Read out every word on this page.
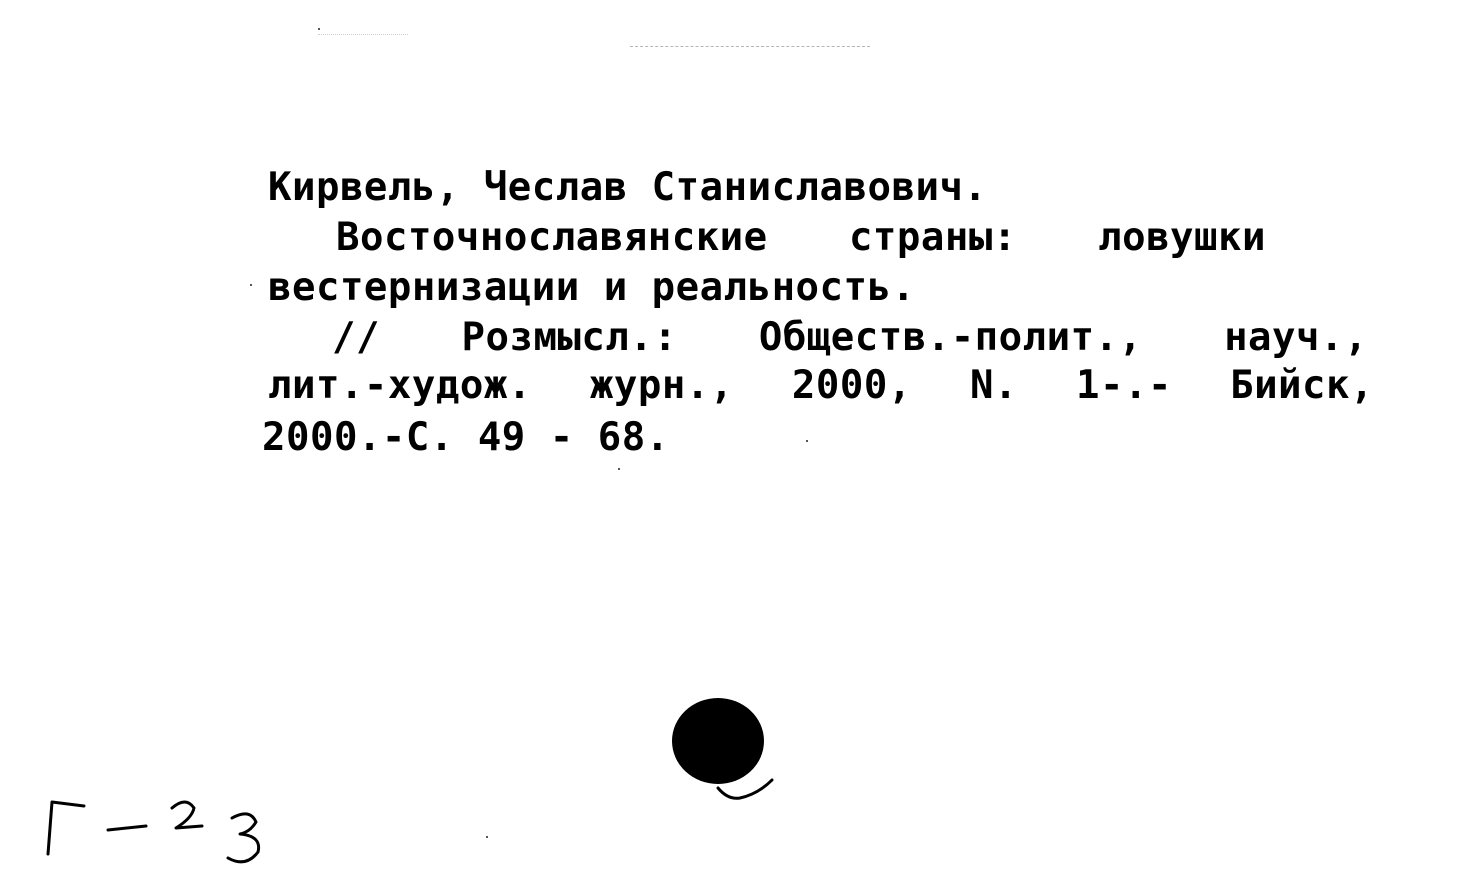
Кирвель, Чеслав Станиславович.
Восточнославянские страны: ловушки
вестернизации и реальность.
// Розмысл.: Обществ.-полит., науч.,
лит.-худож. журн., 2000, N. 1-.- Бийск,
2000.-С. 49 - 68.
